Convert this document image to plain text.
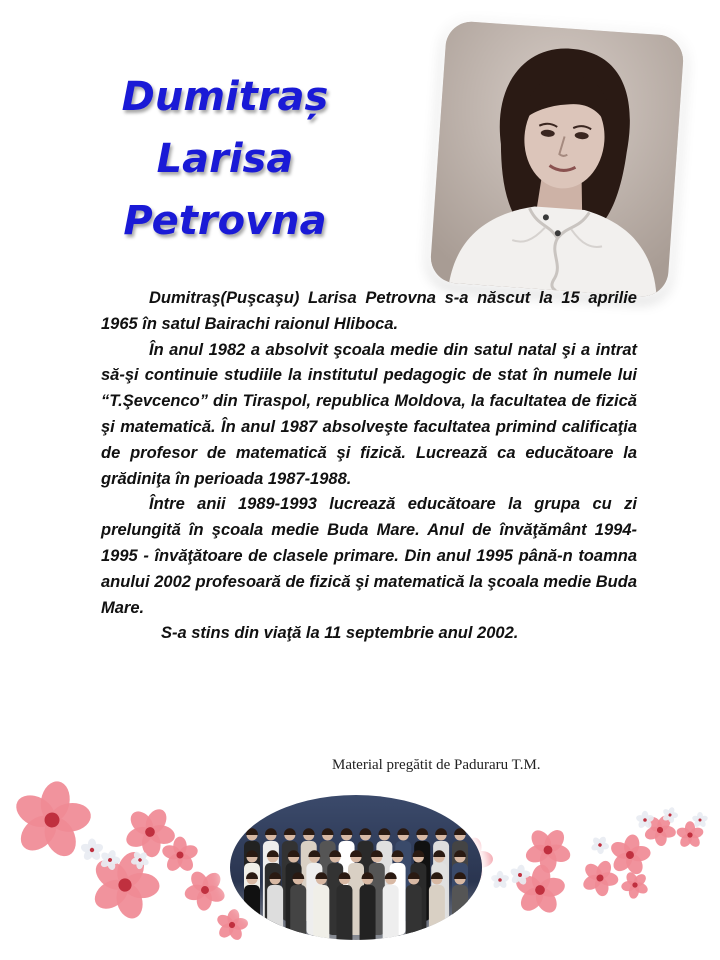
Dumitraș
Larisa
Petrovna

Dumitraş(Puşcaşu) Larisa Petrovna s-a născut la 15 aprilie 1965 în satul Bairachi raionul Hliboca.

În anul 1982 a absolvit şcoala medie din satul natal şi a intrat să-şi continuie studiile la institutul pedagogic de stat în numele lui “T.Şevcenco” din Tiraspol, republica Moldova, la facultatea de fizică şi matematică. În anul 1987 absolveşte facultatea primind calificaţia de profesor de matematică şi fizică. Lucrează ca educătoare la grădiniţa în perioada 1987-1988.

Între anii 1989-1993 lucrează educătoare la grupa cu zi prelungită în şcoala medie Buda Mare. Anul de învăţământ 1994-1995 - învăţătoare de clasele primare. Din anul 1995 până-n toamna anului 2002 profesoară de fizică şi matematică la şcoala medie Buda Mare.

S-a stins din viaţă la 11 septembrie anul 2002.

Material pregătit de Paduraru T.M.
